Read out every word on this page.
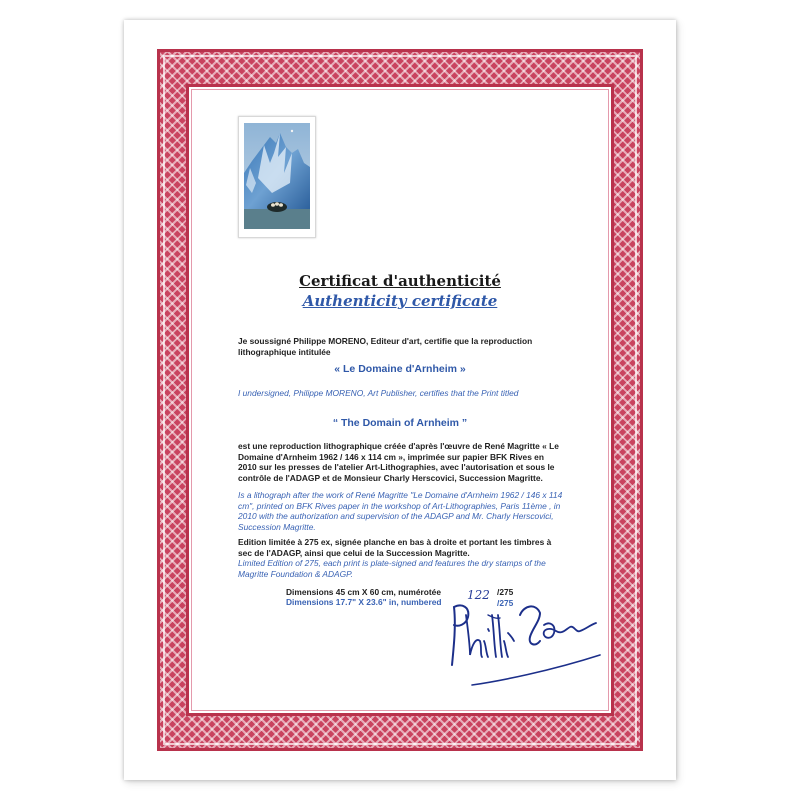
Certificat d'authenticité
Authenticity certificate
Je soussigné Philippe MORENO, Editeur d'art, certifie que la reproduction lithographique intitulée
« Le Domaine d'Arnheim »
I undersigned, Philippe MORENO, Art Publisher, certifies that the Print titled
“ The Domain of Arnheim ”
est une reproduction lithographique créée d'après l'œuvre de René Magritte « Le Domaine d'Arnheim 1962 / 146 x 114 cm », imprimée sur papier BFK Rives en 2010 sur les presses de l'atelier Art-Lithographies, avec l'autorisation et sous le contrôle de l'ADAGP et de Monsieur Charly Herscovici, Succession Magritte.
Is a lithograph after the work of René Magritte "Le Domaine d'Arnheim 1962 / 146 x 114 cm", printed on BFK Rives paper in the workshop of Art-Lithographies, Paris 11ème , in 2010 with the authorization and supervision of the ADAGP and Mr. Charly Herscovici, Succession Magritte.
Edition limitée à 275 ex, signée planche en bas à droite et portant les timbres à sec de l'ADAGP, ainsi que celui de la Succession Magritte.
Limited Edition of 275, each print is plate-signed and features the dry stamps of the Magritte Foundation & ADAGP.
Dimensions 45 cm X 60 cm, numérotée
Dimensions 17.7" X 23.6" in, numbered 122 /275
/275
